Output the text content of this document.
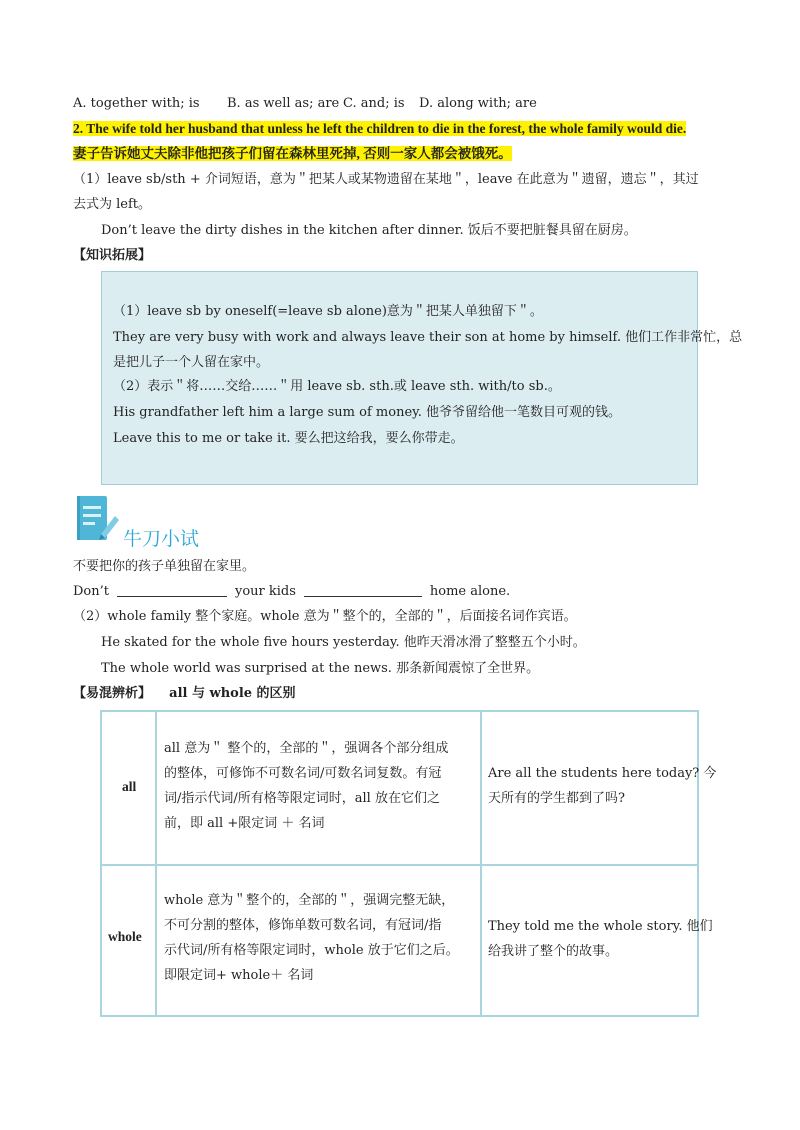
A. together with; is B. as well as; are C. and; is D. along with; are
2. The wife told her husband that unless he left the children to die in the forest, the whole family would die.
妻子告诉她丈夫除非他把孩子们留在森林里死掉, 否则一家人都会被饿死。
（1）leave sb/sth + 介词短语，意为＂把某人或某物遗留在某地＂，leave 在此意为＂遗留，遗忘＂，其过
去式为 left。
Don’t leave the dirty dishes in the kitchen after dinner. 饭后不要把脏餐具留在厨房。
【知识拓展】
（1）leave sb by oneself(=leave sb alone)意为＂把某人单独留下＂。
They are very busy with work and always leave their son at home by himself. 他们工作非常忙，总
是把儿子一个人留在家中。
（2）表示＂将……交给……＂用 leave sb. sth.或 leave sth. with/to sb.。
His grandfather left him a large sum of money. 他爷爷留给他一笔数目可观的钱。
Leave this to me or take it. 要么把这给我，要么你带走。
牛刀小试
不要把你的孩子单独留在家里。
Don’t	your kids	home alone.
（2）whole family 整个家庭。whole 意为＂整个的，全部的＂，后面接名词作宾语。
He skated for the whole five hours yesterday. 他昨天滑冰滑了整整五个小时。
The whole world was surprised at the news. 那条新闻震惊了全世界。
【易混辨析】 all 与 whole 的区别
all
all 意为＂ 整个的，全部的＂，强调各个部分组成
的整体，可修饰不可数名词/可数名词复数。有冠
词/指示代词/所有格等限定词时，all 放在它们之
前，即 all +限定词 ＋ 名词
Are all the students here today? 今
天所有的学生都到了吗?
whole
whole 意为＂整个的，全部的＂，强调完整无缺，
不可分割的整体，修饰单数可数名词，有冠词/指
示代词/所有格等限定词时，whole 放于它们之后。
即限定词+ whole＋ 名词
They told me the whole story. 他们
给我讲了整个的故事。
